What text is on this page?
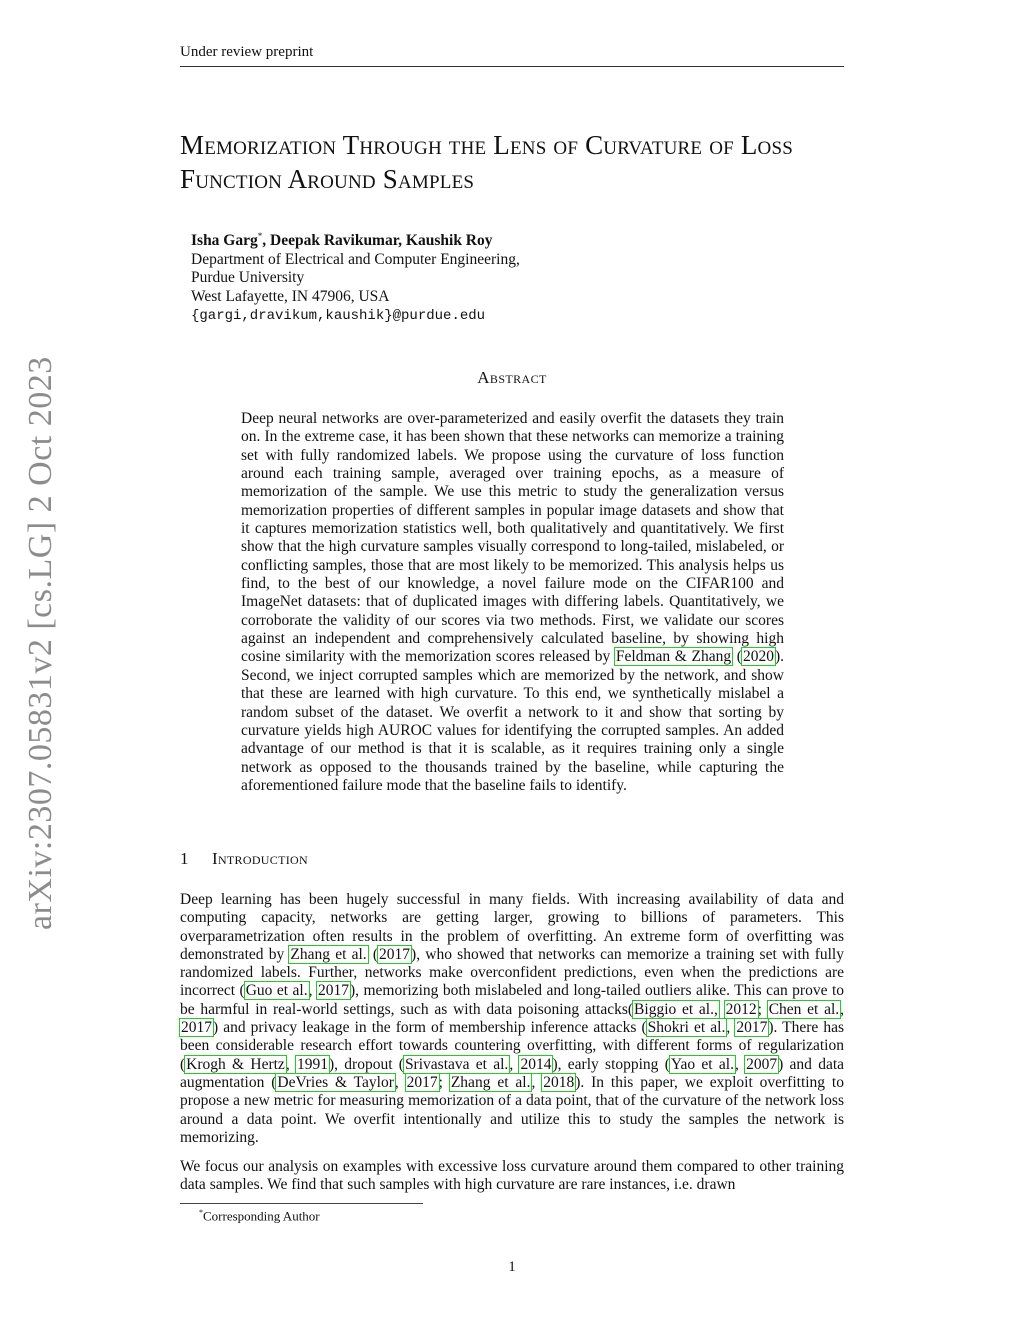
Under review preprint
arXiv:2307.05831v2 [cs.LG] 2 Oct 2023
Memorization Through the Lens of Curvature of Loss Function Around Samples
Isha Garg*, Deepak Ravikumar, Kaushik Roy
Department of Electrical and Computer Engineering,
Purdue University
West Lafayette, IN 47906, USA
{gargi,dravikum,kaushik}@purdue.edu
Abstract
Deep neural networks are over-parameterized and easily overfit the datasets they train on. In the extreme case, it has been shown that these networks can memorize a training set with fully randomized labels. We propose using the curvature of loss function around each training sample, averaged over training epochs, as a measure of memorization of the sample. We use this metric to study the generalization versus memorization properties of different samples in popular image datasets and show that it captures memorization statistics well, both qualitatively and quantitatively. We first show that the high curvature samples visually correspond to long-tailed, mislabeled, or conflicting samples, those that are most likely to be memorized. This analysis helps us find, to the best of our knowledge, a novel failure mode on the CIFAR100 and ImageNet datasets: that of duplicated images with differing labels. Quantitatively, we corroborate the validity of our scores via two methods. First, we validate our scores against an independent and comprehensively calculated baseline, by showing high cosine similarity with the memorization scores released by Feldman & Zhang (2020). Second, we inject corrupted samples which are memorized by the network, and show that these are learned with high curvature. To this end, we synthetically mislabel a random subset of the dataset. We overfit a network to it and show that sorting by curvature yields high AUROC values for identifying the corrupted samples. An added advantage of our method is that it is scalable, as it requires training only a single network as opposed to the thousands trained by the baseline, while capturing the aforementioned failure mode that the baseline fails to identify.
1 Introduction
Deep learning has been hugely successful in many fields. With increasing availability of data and computing capacity, networks are getting larger, growing to billions of parameters. This overparametrization often results in the problem of overfitting. An extreme form of overfitting was demonstrated by Zhang et al. (2017), who showed that networks can memorize a training set with fully randomized labels. Further, networks make overconfident predictions, even when the predictions are incorrect (Guo et al., 2017), memorizing both mislabeled and long-tailed outliers alike. This can prove to be harmful in real-world settings, such as with data poisoning attacks(Biggio et al., 2012; Chen et al., 2017) and privacy leakage in the form of membership inference attacks (Shokri et al., 2017). There has been considerable research effort towards countering overfitting, with different forms of regularization (Krogh & Hertz, 1991), dropout (Srivastava et al., 2014), early stopping (Yao et al., 2007) and data augmentation (DeVries & Taylor, 2017; Zhang et al., 2018). In this paper, we exploit overfitting to propose a new metric for measuring memorization of a data point, that of the curvature of the network loss around a data point. We overfit intentionally and utilize this to study the samples the network is memorizing.
We focus our analysis on examples with excessive loss curvature around them compared to other training data samples. We find that such samples with high curvature are rare instances, i.e. drawn
*Corresponding Author
1
